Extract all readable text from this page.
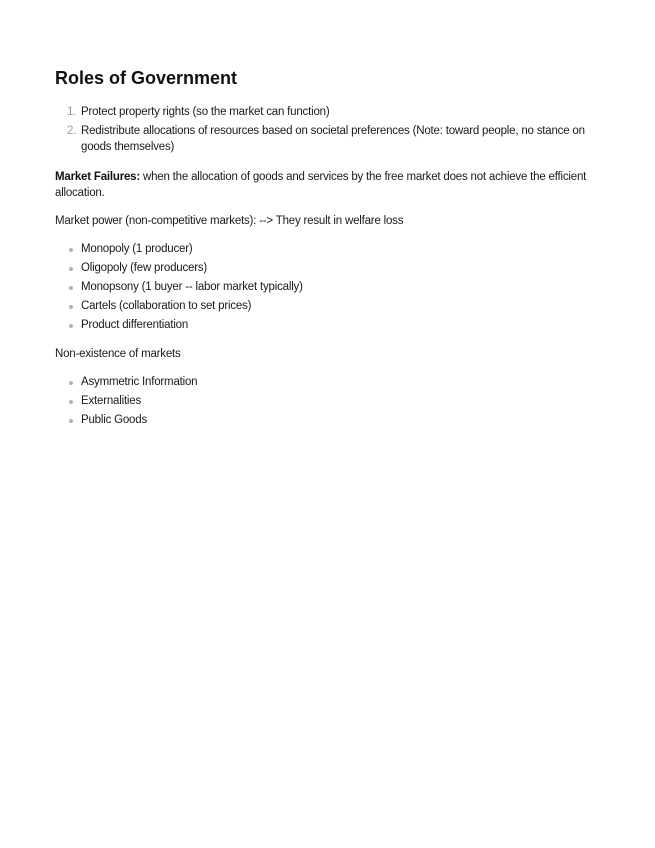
Roles of Government
1. Protect property rights (so the market can function)
2. Redistribute allocations of resources based on societal preferences (Note: toward people, no stance on goods themselves)

Market Failures: when the allocation of goods and services by the free market does not achieve the efficient allocation.

Market power (non-competitive markets): --> They result in welfare loss

Monopoly (1 producer)
Oligopoly (few producers)
Monopsony (1 buyer -- labor market typically)
Cartels (collaboration to set prices)
Product differentiation

Non-existence of markets

Asymmetric Information
Externalities
Public Goods
